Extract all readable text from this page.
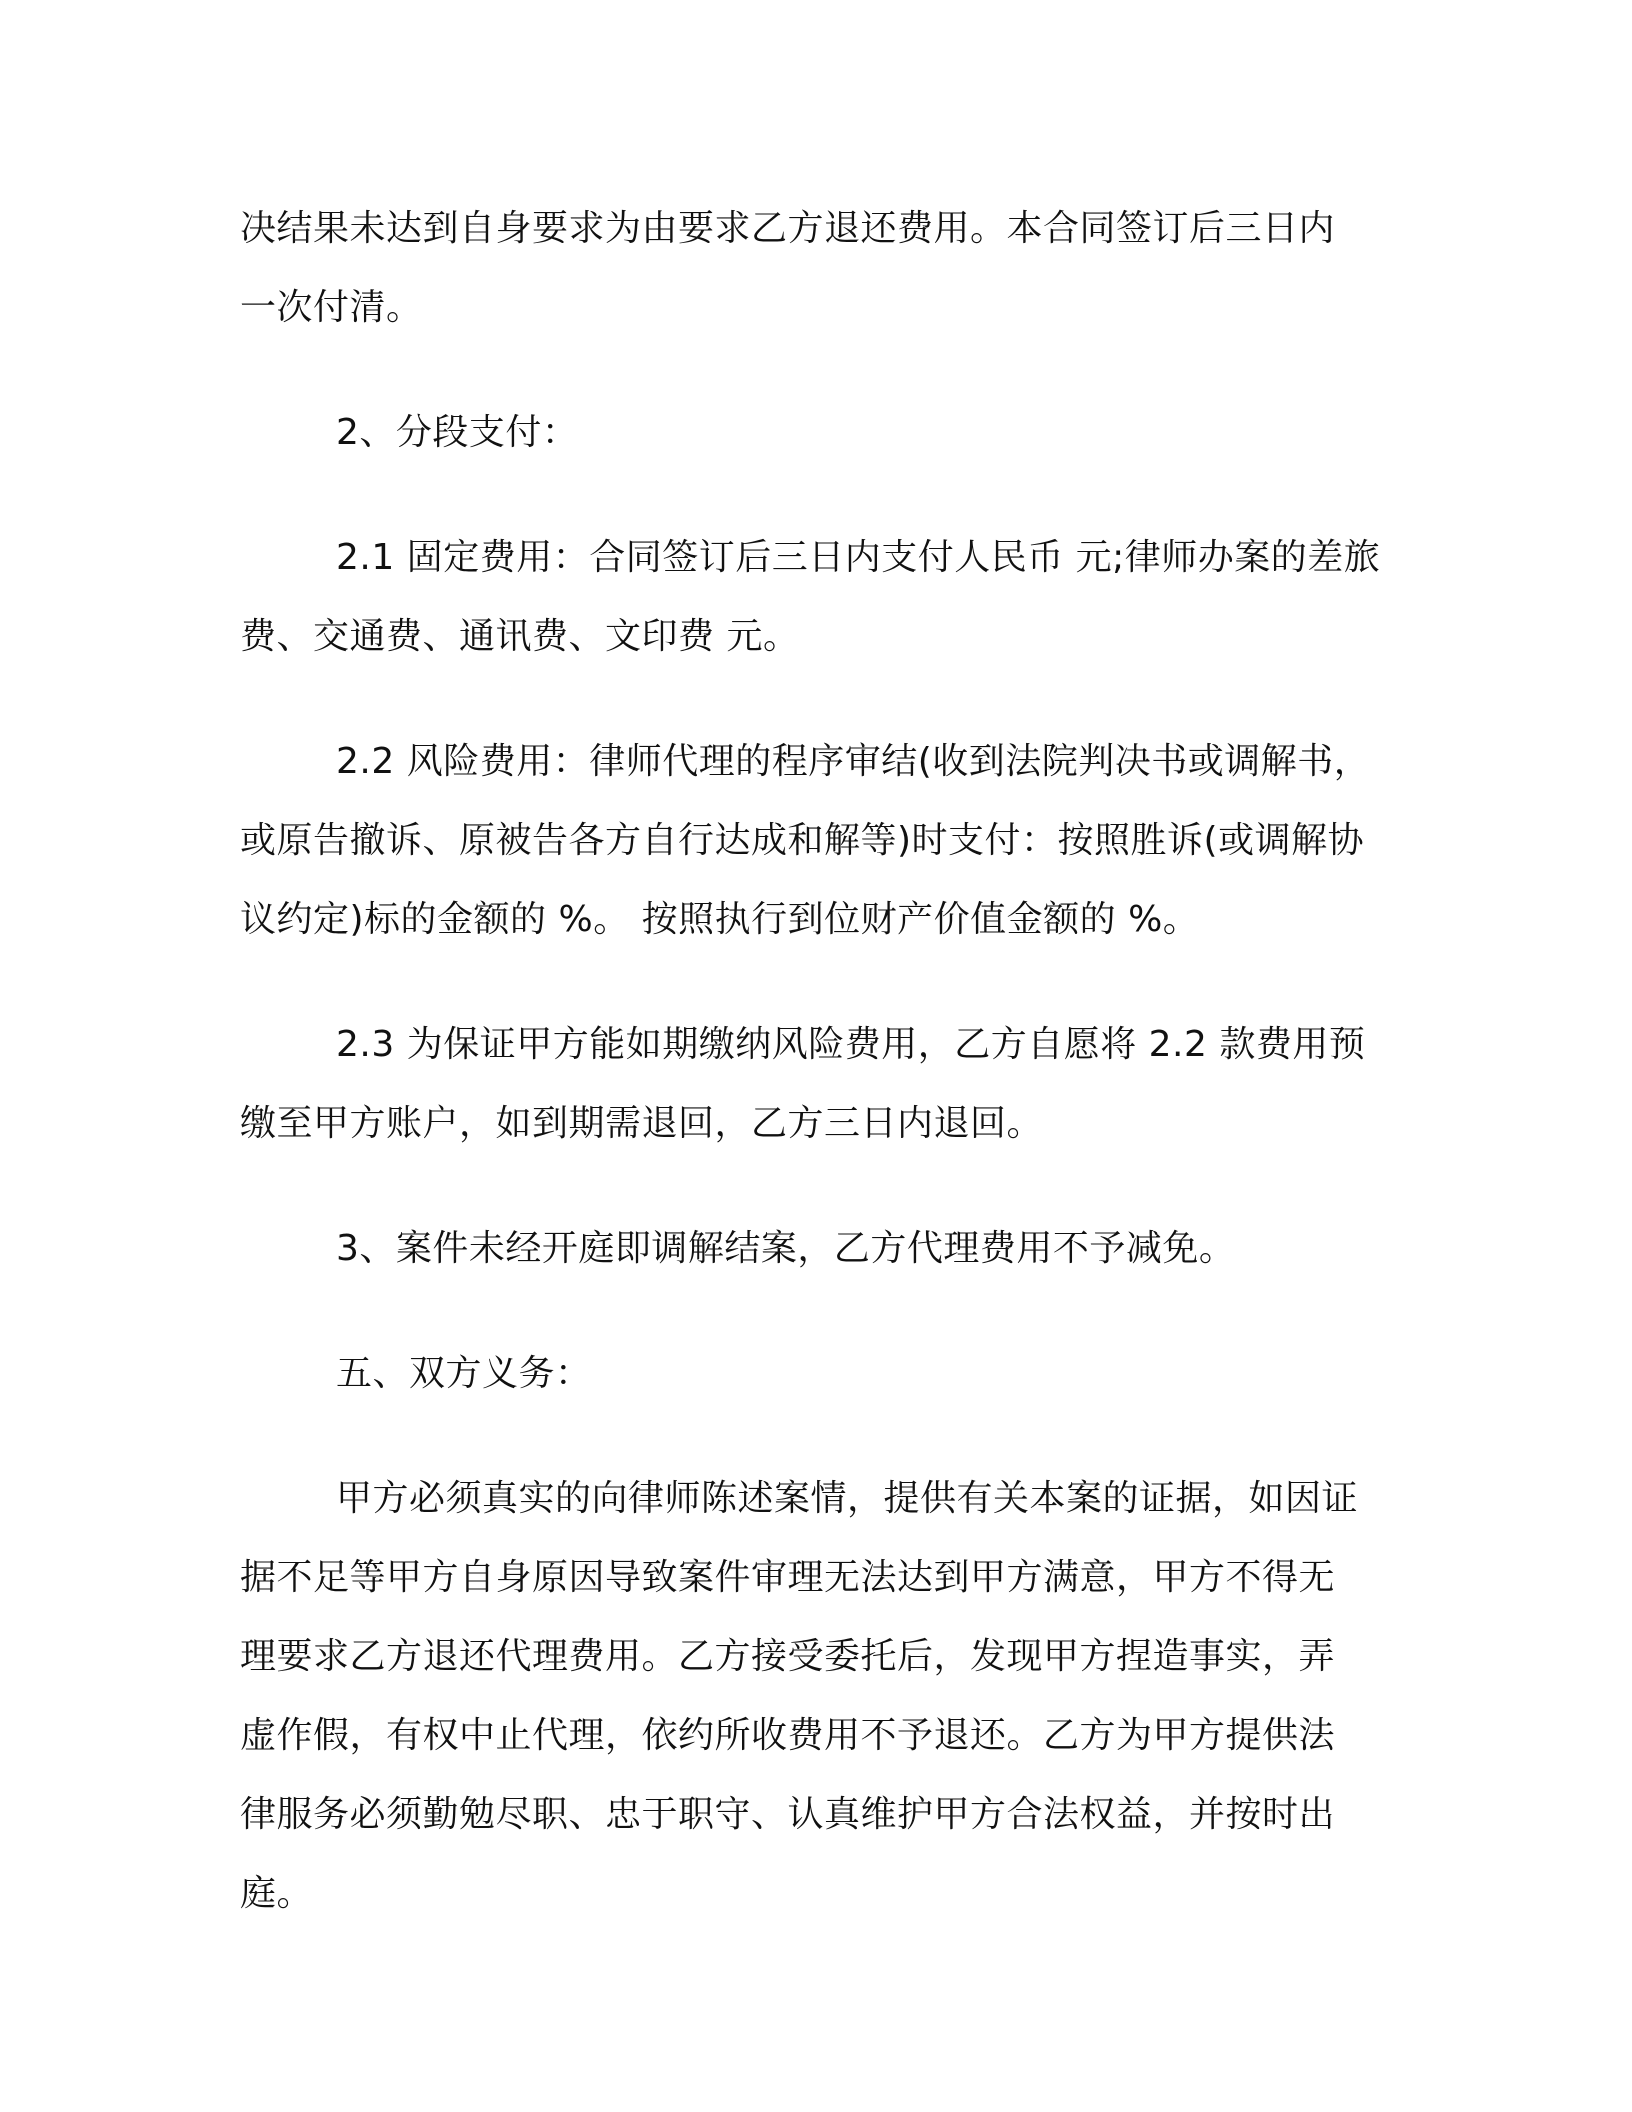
决结果未达到自身要求为由要求乙方退还费用。本合同签订后三日内
一次付清。

2、分段支付：

2.1 固定费用：合同签订后三日内支付人民币 元;律师办案的差旅
费、交通费、通讯费、文印费 元。

2.2 风险费用：律师代理的程序审结(收到法院判决书或调解书，
或原告撤诉、原被告各方自行达成和解等)时支付：按照胜诉(或调解协
议约定)标的金额的 %。 按照执行到位财产价值金额的 %。

2.3 为保证甲方能如期缴纳风险费用，乙方自愿将 2.2 款费用预
缴至甲方账户，如到期需退回，乙方三日内退回。

3、案件未经开庭即调解结案，乙方代理费用不予减免。

五、双方义务：

甲方必须真实的向律师陈述案情，提供有关本案的证据，如因证
据不足等甲方自身原因导致案件审理无法达到甲方满意，甲方不得无
理要求乙方退还代理费用。乙方接受委托后，发现甲方捏造事实，弄
虚作假，有权中止代理，依约所收费用不予退还。乙方为甲方提供法
律服务必须勤勉尽职、忠于职守、认真维护甲方合法权益，并按时出
庭。
